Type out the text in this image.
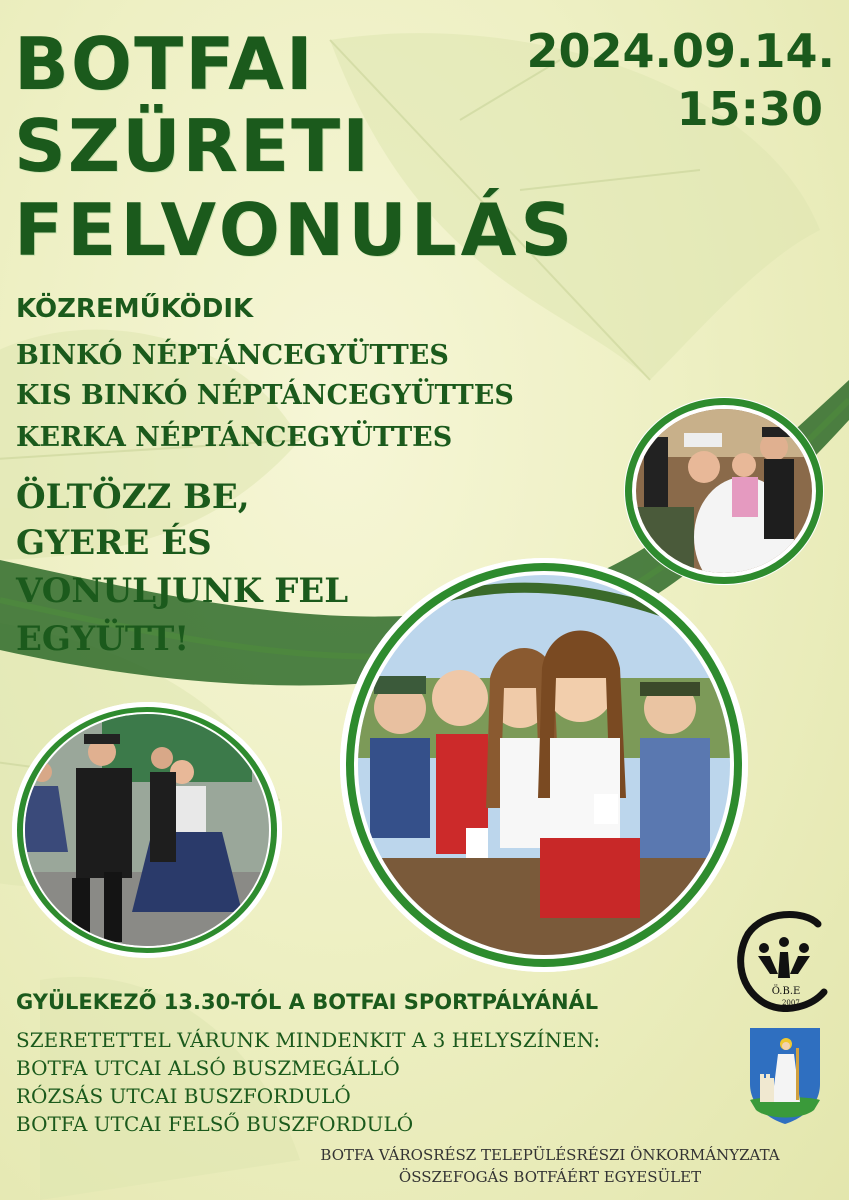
BOTFAI
SZÜRETI
FELVONULÁS
2024.09.14.
15:30
KÖZREMŰKÖDIK
BINKÓ NÉPTÁNCEGYÜTTES
KIS BINKÓ NÉPTÁNCEGYÜTTES
KERKA NÉPTÁNCEGYÜTTES
ÖLTÖZZ BE,
GYERE ÉS
VONULJUNK FEL
EGYÜTT!
Ö.B.E
2007.
GYÜLEKEZŐ 13.30-TÓL A BOTFAI SPORTPÁLYÁNÁL
SZERETETTEL VÁRUNK MINDENKIT A 3 HELYSZÍNEN:
BOTFA UTCAI ALSÓ BUSZMEGÁLLÓ
RÓZSÁS UTCAI BUSZFORDULÓ
BOTFA UTCAI FELSŐ BUSZFORDULÓ
BOTFA VÁROSRÉSZ TELEPÜLÉSRÉSZI ÖNKORMÁNYZATA
ÖSSZEFOGÁS BOTFÁÉRT EGYESÜLET
